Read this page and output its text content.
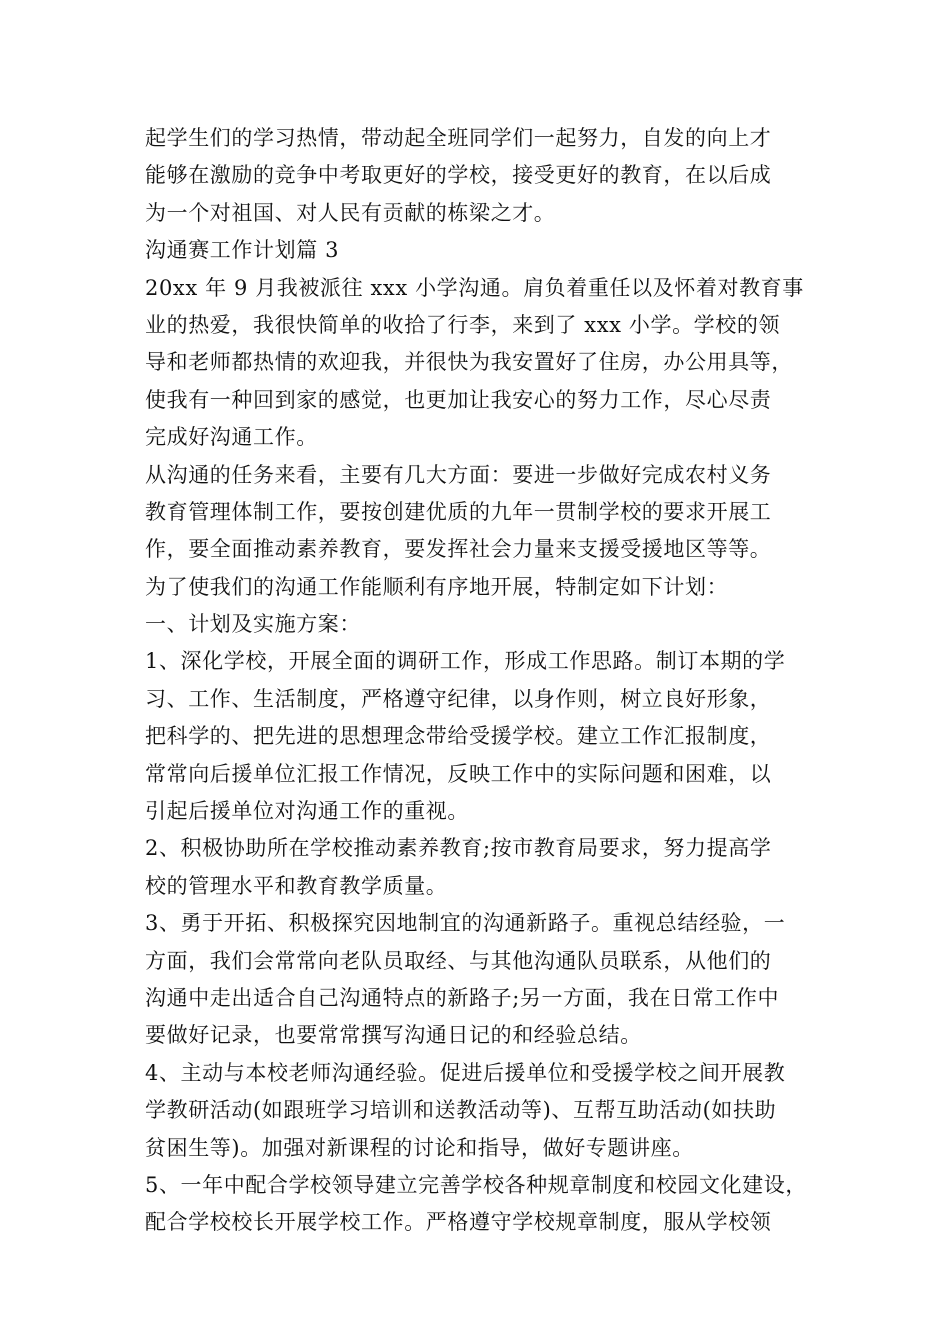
起学生们的学习热情，带动起全班同学们一起努力，自发的向上才
能够在激励的竞争中考取更好的学校，接受更好的教育，在以后成
为一个对祖国、对人民有贡献的栋梁之才。
沟通赛工作计划篇 3
20xx 年 9 月我被派往 xxx 小学沟通。肩负着重任以及怀着对教育事
业的热爱，我很快简单的收拾了行李，来到了 xxx 小学。学校的领
导和老师都热情的欢迎我，并很快为我安置好了住房，办公用具等，
使我有一种回到家的感觉，也更加让我安心的努力工作，尽心尽责
完成好沟通工作。
从沟通的任务来看，主要有几大方面：要进一步做好完成农村义务
教育管理体制工作，要按创建优质的九年一贯制学校的要求开展工
作，要全面推动素养教育，要发挥社会力量来支援受援地区等等。
为了使我们的沟通工作能顺利有序地开展，特制定如下计划：
一、计划及实施方案：
1、深化学校，开展全面的调研工作，形成工作思路。制订本期的学
习、工作、生活制度，严格遵守纪律，以身作则，树立良好形象，
把科学的、把先进的思想理念带给受援学校。建立工作汇报制度，
常常向后援单位汇报工作情况，反映工作中的实际问题和困难，以
引起后援单位对沟通工作的重视。
2、积极协助所在学校推动素养教育;按市教育局要求，努力提高学
校的管理水平和教育教学质量。
3、勇于开拓、积极探究因地制宜的沟通新路子。重视总结经验，一
方面，我们会常常向老队员取经、与其他沟通队员联系，从他们的
沟通中走出适合自己沟通特点的新路子;另一方面，我在日常工作中
要做好记录，也要常常撰写沟通日记的和经验总结。
4、主动与本校老师沟通经验。促进后援单位和受援学校之间开展教
学教研活动(如跟班学习培训和送教活动等)、互帮互助活动(如扶助
贫困生等)。加强对新课程的讨论和指导，做好专题讲座。
5、一年中配合学校领导建立完善学校各种规章制度和校园文化建设，
配合学校校长开展学校工作。严格遵守学校规章制度，服从学校领
